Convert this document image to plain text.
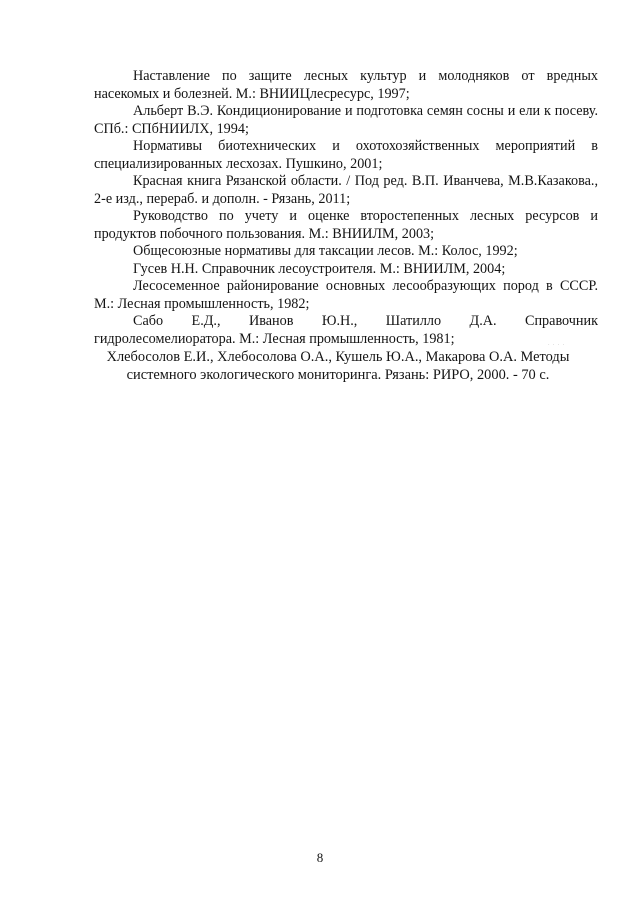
Наставление по защите лесных культур и молодняков от вредных насекомых и болезней. М.: ВНИИЦлесресурс, 1997;

Альберт В.Э. Кондиционирование и подготовка семян сосны и ели к посеву. СПб.: СПбНИИЛХ, 1994;

Нормативы биотехнических и охотохозяйственных мероприятий в специализированных лесхозах. Пушкино, 2001;

Красная книга Рязанской области. / Под ред. В.П. Иванчева, М.В.Казакова., 2-е изд., перераб. и дополн. - Рязань, 2011;

Руководство по учету и оценке второстепенных лесных ресурсов и продуктов побочного пользования. М.: ВНИИЛМ, 2003;

Общесоюзные нормативы для таксации лесов. М.: Колос, 1992;

Гусев Н.Н. Справочник лесоустроителя. М.: ВНИИЛМ, 2004;

Лесосеменное районирование основных лесообразующих пород в СССР. М.: Лесная промышленность, 1982;

Сабо Е.Д., Иванов Ю.Н., Шатилло Д.А. Справочник

гидролесомелиоратора. М.: Лесная промышленность, 1981;

Хлебосолов Е.И., Хлебосолова О.А., Кушель Ю.А., Макарова О.А. Методы

системного экологического мониторинга. Рязань: РИРО, 2000. - 70 с.

· · · ·
8
